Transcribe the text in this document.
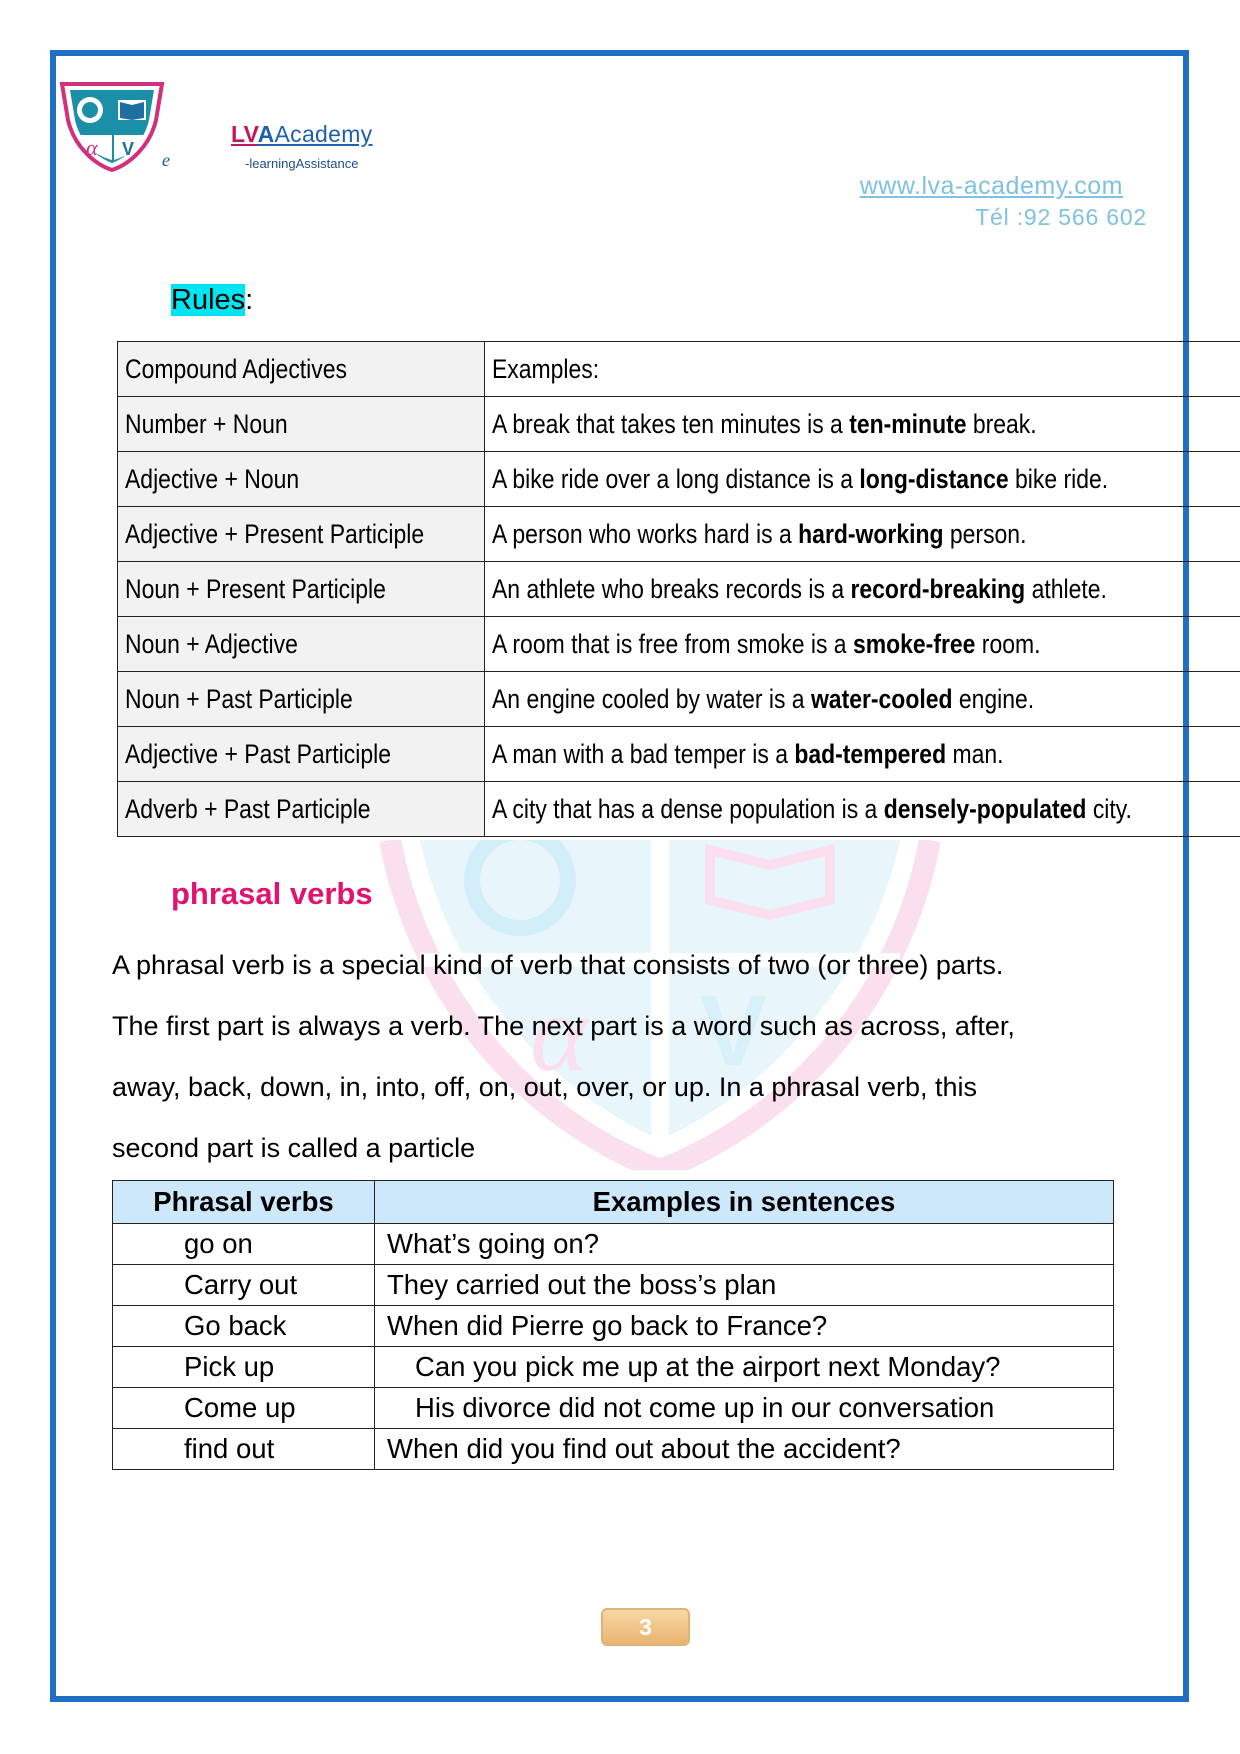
α V
e
LVAAcademy
-learningAssistance
www.lva-academy.com
Tél :92 566 602
Rules:
Compound Adjectives	Examples:
Number + Noun	A break that takes ten minutes is a ten-minute break.
Adjective + Noun	A bike ride over a long distance is a long-distance bike ride.
Adjective + Present Participle	A person who works hard is a hard-working person.
Noun + Present Participle	An athlete who breaks records is a record-breaking athlete.
Noun + Adjective	A room that is free from smoke is a smoke-free room.
Noun + Past Participle	An engine cooled by water is a water-cooled engine.
Adjective + Past Participle	A man with a bad temper is a bad-tempered man.
Adverb + Past Participle	A city that has a dense population is a densely-populated city.
α V
phrasal verbs

A phrasal verb is a special kind of verb that consists of two (or three) parts.

The first part is always a verb. The next part is a word such as across, after,

away, back, down, in, into, off, on, out, over, or up. In a phrasal verb, this

second part is called a particle

Phrasal verbs	Examples in sentences
go on	What’s going on?
Carry out	They carried out the boss’s plan
Go back	When did Pierre go back to France?
Pick up	Can you pick me up at the airport next Monday?
Come up	His divorce did not come up in our conversation
find out	When did you find out about the accident?
3
